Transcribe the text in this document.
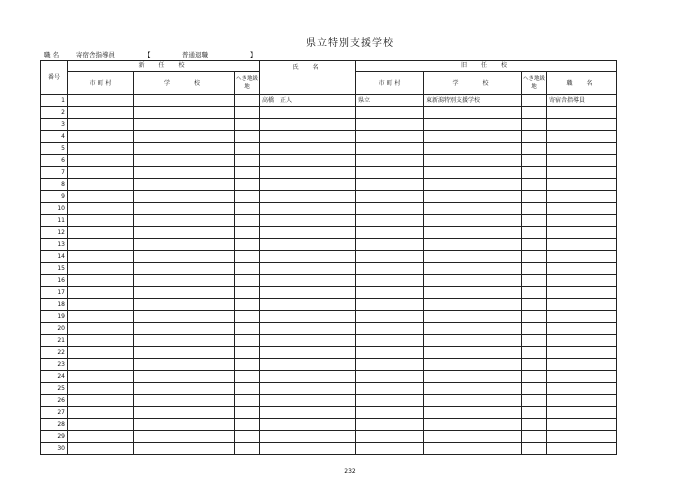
県立特別支援学校
職 名	寄宿舎指導員	【	普通退職	】
番号	新　任　校			氏　名	旧　任　校			
	市 町 村	学　　校	へき地級地		市 町 村	学　　校	へき地級地	職　名
1				高橋　正人	県立	東新潟特別支援学校		寄宿舎指導員
2								
3								
4								
5								
6								
7								
8								
9								
10								
11								
12								
13								
14								
15								
16								
17								
18								
19								
20								
21								
22								
23								
24								
25								
26								
27								
28								
29								
30								
232
